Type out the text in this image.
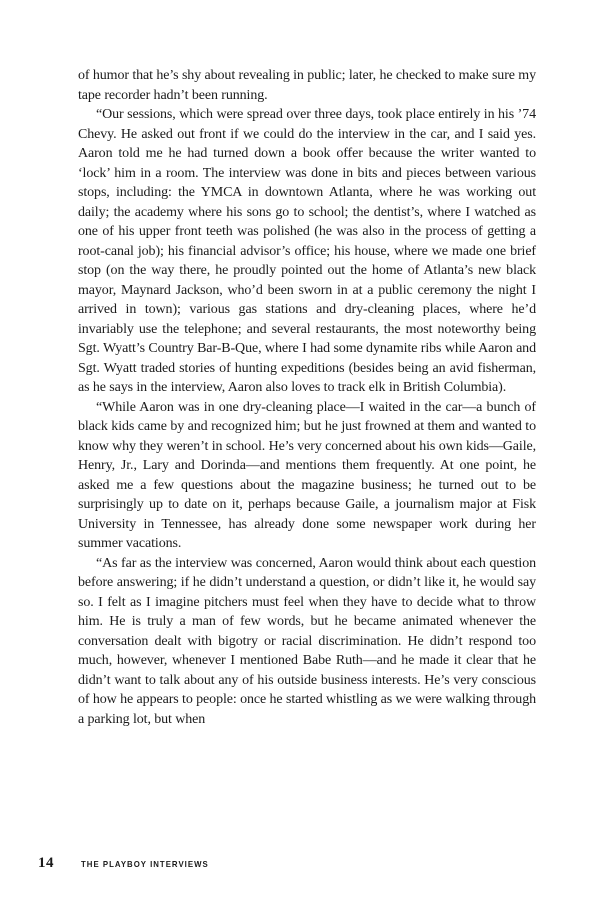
of humor that he’s shy about revealing in public; later, he checked to make sure my tape recorder hadn’t been running.

“Our sessions, which were spread over three days, took place entirely in his ’74 Chevy. He asked out front if we could do the interview in the car, and I said yes. Aaron told me he had turned down a book offer because the writer wanted to ‘lock’ him in a room. The interview was done in bits and pieces between various stops, including: the YMCA in downtown Atlanta, where he was working out daily; the academy where his sons go to school; the dentist’s, where I watched as one of his upper front teeth was polished (he was also in the process of getting a root-canal job); his financial advisor’s office; his house, where we made one brief stop (on the way there, he proudly pointed out the home of Atlanta’s new black mayor, Maynard Jackson, who’d been sworn in at a public ceremony the night I arrived in town); various gas stations and dry-cleaning places, where he’d invariably use the telephone; and several restaurants, the most noteworthy being Sgt. Wyatt’s Country Bar-B-Que, where I had some dynamite ribs while Aaron and Sgt. Wyatt traded stories of hunting expeditions (besides being an avid fisherman, as he says in the interview, Aaron also loves to track elk in British Columbia).

“While Aaron was in one dry-cleaning place—I waited in the car—a bunch of black kids came by and recognized him; but he just frowned at them and wanted to know why they weren’t in school. He’s very concerned about his own kids—Gaile, Henry, Jr., Lary and Dorinda—and mentions them frequently. At one point, he asked me a few questions about the magazine business; he turned out to be surprisingly up to date on it, perhaps because Gaile, a journalism major at Fisk University in Tennessee, has already done some newspaper work during her summer vacations.

“As far as the interview was concerned, Aaron would think about each question before answering; if he didn’t understand a question, or didn’t like it, he would say so. I felt as I imagine pitchers must feel when they have to decide what to throw him. He is truly a man of few words, but he became animated whenever the conversation dealt with bigotry or racial discrimination. He didn’t respond too much, however, whenever I mentioned Babe Ruth—and he made it clear that he didn’t want to talk about any of his outside business interests. He’s very conscious of how he appears to people: once he started whistling as we were walking through a parking lot, but when

14	THE PLAYBOY INTERVIEWS
